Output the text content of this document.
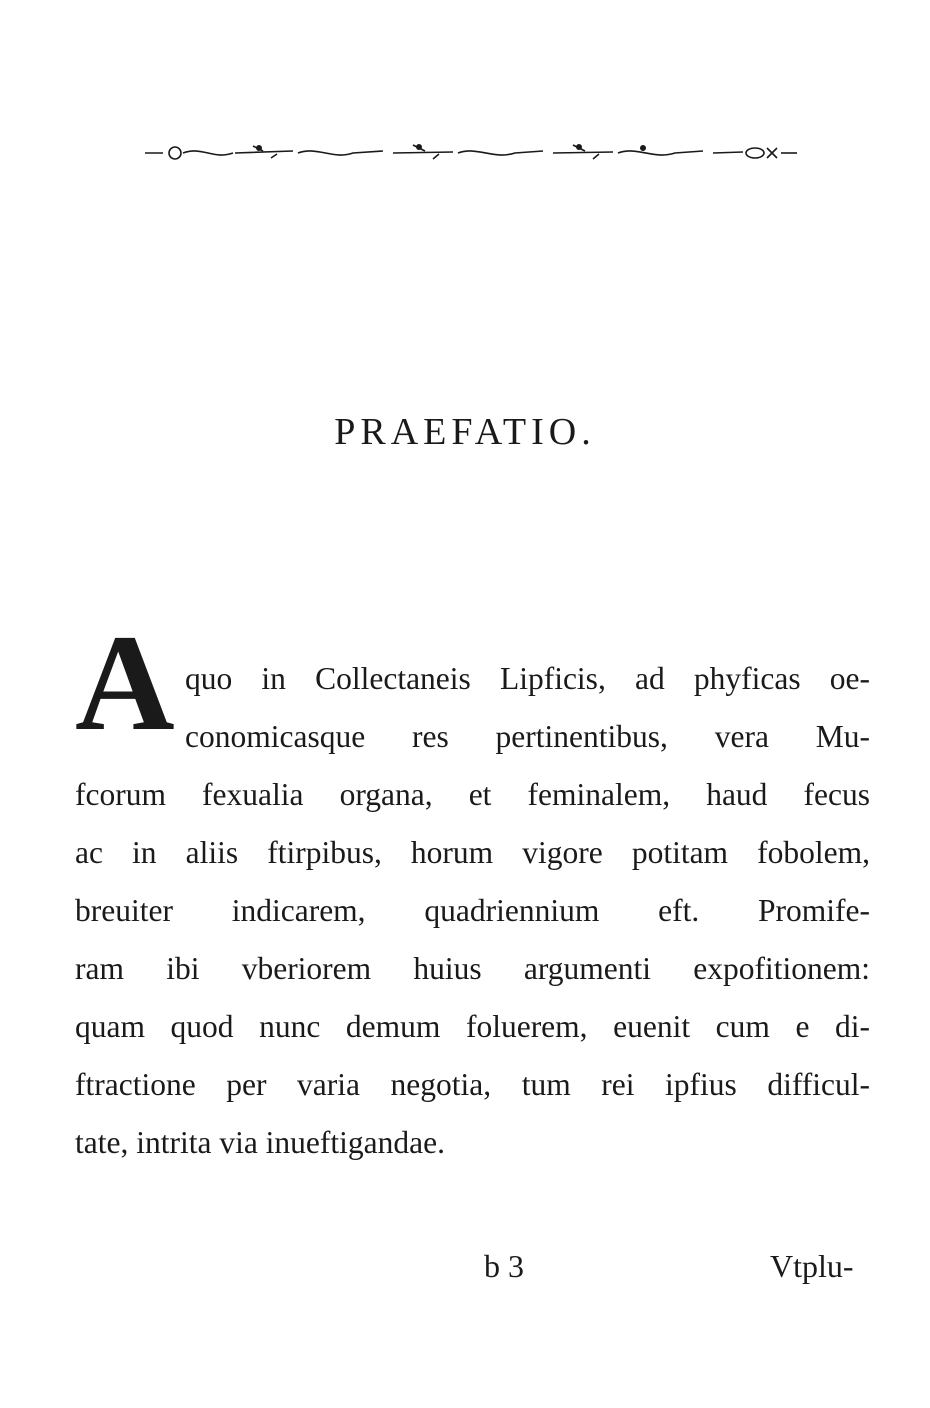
PRAEFATIO.
A quo in Collectaneis Lipficis, ad phyficas oe-
conomicasque res pertinentibus, vera Mu-
fcorum fexualia organa, et feminalem, haud fecus
ac in aliis ftirpibus, horum vigore potitam fobolem,
breuiter indicarem, quadriennium eft. Promife-
ram ibi vberiorem huius argumenti expofitionem:
quam quod nunc demum foluerem, euenit cum e di-
ftractione per varia negotia, tum rei ipfius difficul-
tate, intrita via inueftigandae.
b 3	Vtplu-
